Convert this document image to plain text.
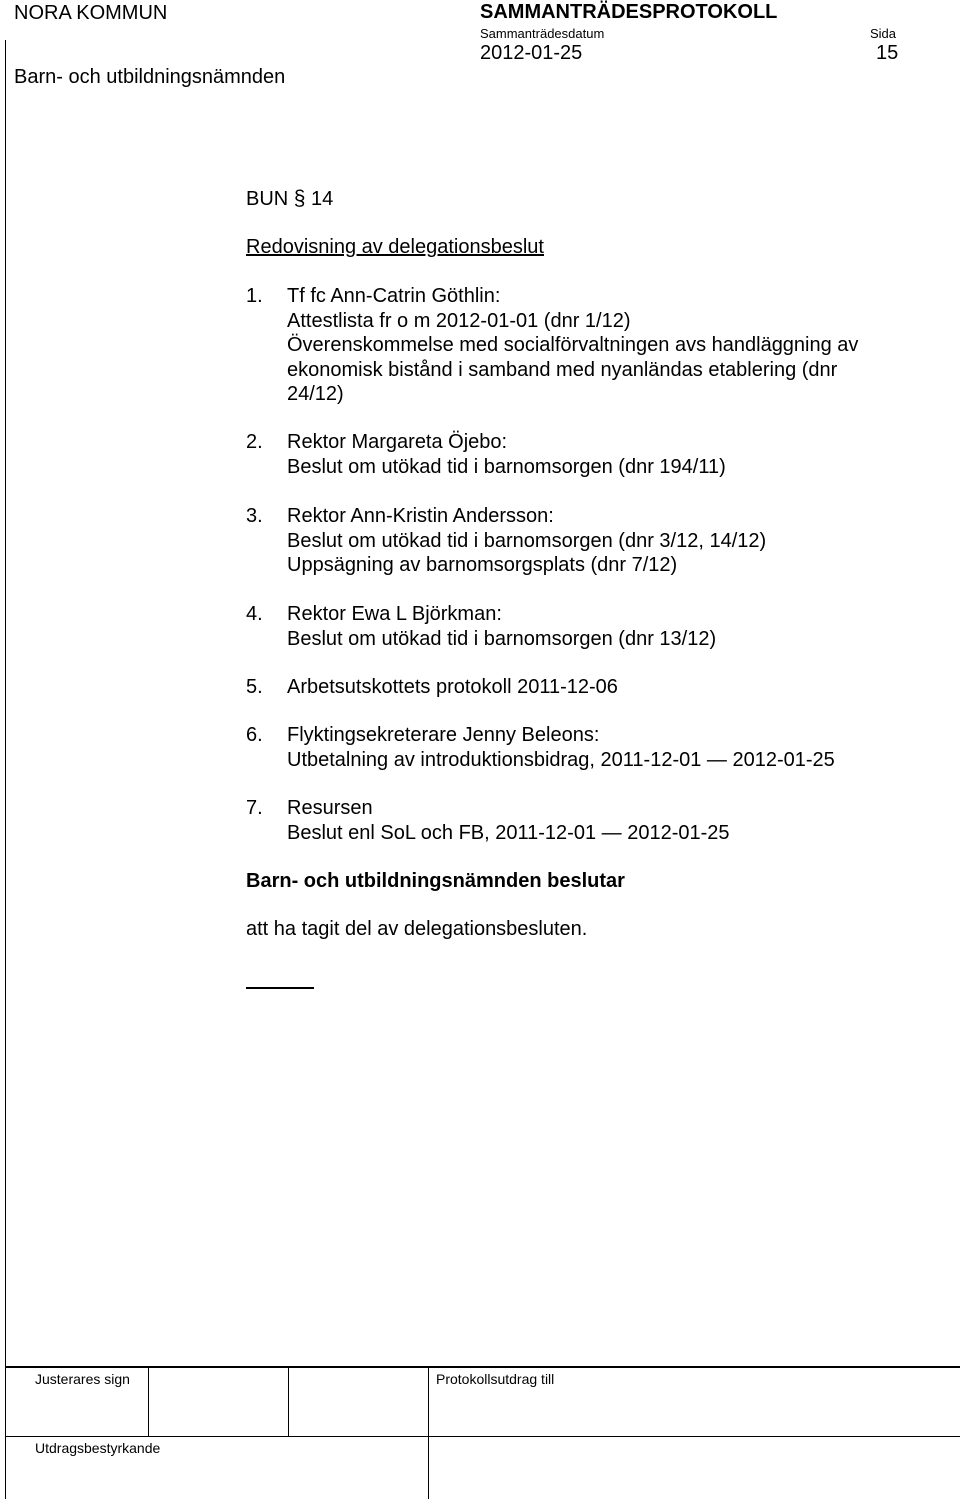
NORA KOMMUN
Barn- och utbildningsnämnden
SAMMANTRÄDESPROTOKOLL
Sammanträdesdatum
2012-01-25
Sida
15
BUN § 14
Redovisning av delegationsbeslut
1. Tf fc Ann-Catrin Göthlin:
Attestlista fr o m 2012-01-01 (dnr 1/12)
Överenskommelse med socialförvaltningen avs handläggning av
ekonomisk bistånd i samband med nyanländas etablering (dnr
24/12)
2. Rektor Margareta Öjebo:
Beslut om utökad tid i barnomsorgen (dnr 194/11)
3. Rektor Ann-Kristin Andersson:
Beslut om utökad tid i barnomsorgen (dnr 3/12, 14/12)
Uppsägning av barnomsorgsplats (dnr 7/12)
4. Rektor Ewa L Björkman:
Beslut om utökad tid i barnomsorgen (dnr 13/12)
5. Arbetsutskottets protokoll 2011-12-06
6. Flyktingsekreterare Jenny Beleons:
Utbetalning av introduktionsbidrag, 2011-12-01 — 2012-01-25
7. Resursen
Beslut enl SoL och FB, 2011-12-01 — 2012-01-25
Barn- och utbildningsnämnden beslutar
att ha tagit del av delegationsbesluten.
Justerares sign	Protokollsutdrag till
Utdragsbestyrkande
